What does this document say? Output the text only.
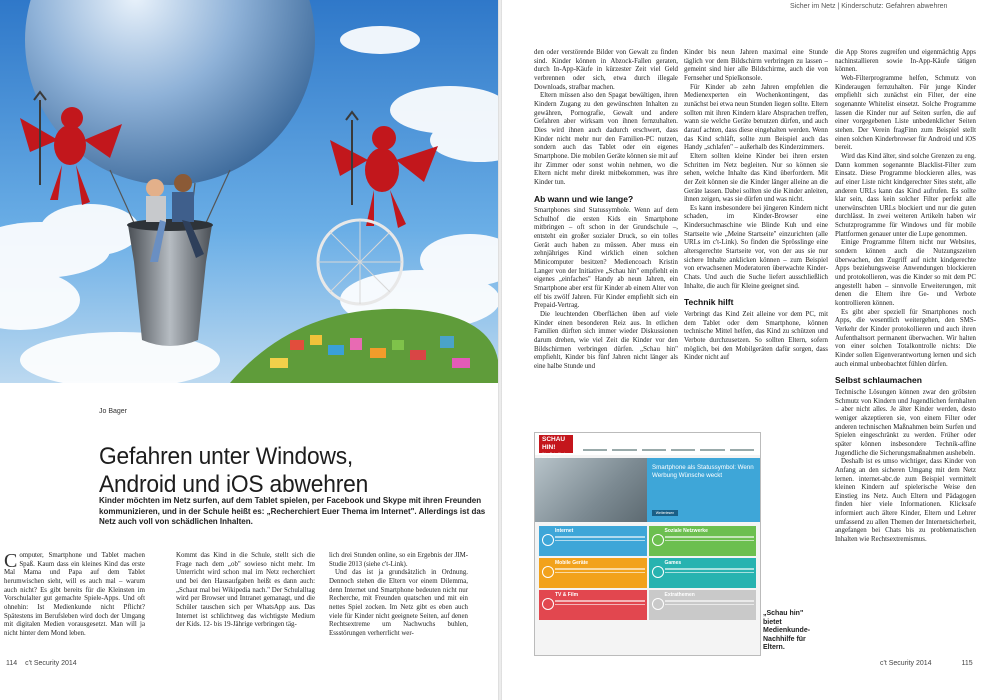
Jo Bager
Gefahren unter Windows,
Android und iOS abwehren
Kinder möchten im Netz surfen, auf dem Tablet spielen, per Facebook und Skype mit ihren Freunden kommunizieren, und in der Schule heißt es: „Recherchiert Euer Thema im Internet". Allerdings ist das Netz auch voll von schädlichen Inhalten.

Computer, Smartphone und Tablet machen Spaß. Kaum dass ein kleines Kind das erste Mal Mama und Papa auf dem Tablet herumwischen sieht, will es auch mal – warum auch nicht? Es gibt bereits für die Kleinsten im Vorschulalter gut gemachte Spiele-Apps. Und oft ohnehin: Ist Medienkunde nicht Pflicht? Spätestens im Berufsleben wird doch der Umgang mit digitalen Medien vorausgesetzt. Man will ja nicht hinter dem Mond leben.

Kommt das Kind in die Schule, stellt sich die Frage nach dem „ob" sowieso nicht mehr. Im Unterricht wird schon mal im Netz recherchiert und bei den Hausaufgaben heißt es dann auch: „Schaut mal bei Wikipedia nach." Der Schulalltag wird per Browser und Intranet gemanagt, und die Schüler tauschen sich per WhatsApp aus. Das Internet ist schlichtweg das wichtigste Medium der Kids. 12- bis 19-Jährige verbringen täg-

lich drei Stunden online, so ein Ergebnis der JIM-Studie 2013 (siehe c't-Link).

Und das ist ja grundsätzlich in Ordnung. Dennoch stehen die Eltern vor einem Dilemma, denn Internet und Smartphone bedeuten nicht nur Recherche, mit Freunden quatschen und mit ein nettes Spiel zocken. Im Netz gibt es eben auch viele für Kinder nicht geeignete Seiten, auf denen Rechtsextreme um Nachwuchs buhlen, Essstörungen verherrlicht wer-

114 c't Security 2014
Sicher im Netz | Kinderschutz: Gefahren abwehren

den oder verstörende Bilder von Gewalt zu finden sind. Kinder können in Abzock-Fallen geraten, durch In-App-Käufe in kürzester Zeit viel Geld verbrennen oder sich, etwa durch illegale Downloads, strafbar machen.

Eltern müssen also den Spagat bewältigen, ihren Kindern Zugang zu den gewünschten Inhalten zu gewähren, Pornografie, Gewalt und andere Gefahren aber wirksam von ihnen fernzuhalten. Dies wird ihnen auch dadurch erschwert, dass Kinder nicht mehr nur den Familien-PC nutzen, sondern auch das Tablet oder ein eigenes Smartphone. Die mobilen Geräte können sie mit auf ihr Zimmer oder sonst wohin nehmen, wo die Eltern nicht mehr direkt mitbekommen, was ihre Kinder tun.

Ab wann und wie lange?

Smartphones sind Statussymbole. Wenn auf dem Schulhof die ersten Kids ein Smartphone mitbringen – oft schon in der Grundschule –, entsteht ein großer sozialer Druck, so ein tolles Gerät auch haben zu müssen. Aber muss ein zehnjähriges Kind wirklich einen solchen Minicomputer besitzen? Mediencoach Kristin Langer von der Initiative „Schau hin" empfiehlt ein eigenes „einfaches" Handy ab neun Jahren, ein Smartphone aber erst für Kinder ab einem Alter von elf bis zwölf Jahren. Für Kinder empfiehlt sich ein Prepaid-Vertrag.

Die leuchtenden Oberflächen üben auf viele Kinder einen besonderen Reiz aus. In etlichen Familien dürften sich immer wieder Diskussionen darum drehen, wie viel Zeit die Kinder vor den Bildschirmen verbringen dürfen. „Schau hin" empfiehlt, Kinder bis fünf Jahren nicht länger als eine halbe Stunde und

Kinder bis neun Jahren maximal eine Stunde täglich vor dem Bildschirm verbringen zu lassen – gemeint sind hier alle Bildschirme, auch die von Fernseher und Spielkonsole.

Für Kinder ab zehn Jahren empfehlen die Medienexperten ein Wochenkontingent, das zunächst bei etwa neun Stunden liegen sollte. Eltern sollten mit ihren Kindern klare Absprachen treffen, wann sie welche Geräte benutzen dürfen, und auch darauf achten, dass diese eingehalten werden. Wenn das Kind schläft, sollte zum Beispiel auch das Handy „schlafen" – außerhalb des Kinderzimmers.

Eltern sollten kleine Kinder bei ihren ersten Schritten im Netz begleiten. Nur so können sie sehen, welche Inhalte das Kind überfordern. Mit der Zeit können sie die Kinder länger alleine an die Geräte lassen. Dabei sollten sie die Kinder anleiten, ihnen zeigen, was sie dürfen und was nicht.

Es kann insbesondere bei jüngeren Kindern nicht schaden, im Kinder-Browser eine Kindersuchmaschine wie Blinde Kuh und eine Startseite wie „Meine Startseite" einzurichten (alle URLs im c't-Link). So finden die Sprösslinge eine altersgerechte Startseite vor, von der aus sie nur sichere Inhalte anklicken können – zum Beispiel von erwachsenen Moderatoren überwachte Kinder-Chats. Und auch die Suche liefert ausschließlich Inhalte, die auch für Kleine geeignet sind.

Technik hilft

Verbringt das Kind Zeit alleine vor dem PC, mit dem Tablet oder dem Smartphone, können technische Mittel helfen, das Kind zu schützen und Verbote durchzusetzen. So sollten Eltern, sofern möglich, bei den Mobilgeräten dafür sorgen, dass Kinder nicht auf

die App Stores zugreifen und eigenmächtig Apps nachinstallieren sowie In-App-Käufe tätigen können.

Web-Filterprogramme helfen, Schmutz von Kinderaugen fernzuhalten. Für junge Kinder empfiehlt sich zunächst ein Filter, der eine sogenannte Whitelist einsetzt. Solche Programme lassen die Kinder nur auf Seiten surfen, die auf einer vorgegebenen Liste unbedenklicher Seiten stehen. Der Verein fragFinn zum Beispiel stellt einen solchen Kinderbrowser für Android und iOS bereit.

Wird das Kind älter, sind solche Grenzen zu eng. Dann kommen sogenannte Blacklist-Filter zum Einsatz. Diese Programme blockieren alles, was auf einer Liste nicht kindgerechter Sites steht, alle anderen URLs kann das Kind aufrufen. Es sollte klar sein, dass kein solcher Filter perfekt alle unerwünschten URLs blockiert und nur die guten durchlässt. In zwei weiteren Artikeln haben wir Schutzprogramme für Windows und für mobile Plattformen genauer unter die Lupe genommen.

Einige Programme filtern nicht nur Websites, sondern können auch die Nutzungszeiten überwachen, den Zugriff auf nicht kindgerechte Apps beziehungsweise Anwendungen blockieren und protokollieren, was die Kinder so mit dem PC angestellt haben – sinnvolle Erweiterungen, mit denen die Eltern ihre Ge- und Verbote kontrollieren können.

Es gibt aber speziell für Smartphones noch Apps, die wesentlich weitergehen, den SMS-Verkehr der Kinder protokollieren und auch ihren Aufenthaltsort permanent überwachen. Wir halten von einer solchen Totalkontrolle nichts: Die Kinder sollen Eigenverantwortung lernen und sich auch einmal unbeobachtet fühlen dürfen.

Selbst schlaumachen

Technische Lösungen können zwar den gröbsten Schmutz von Kindern und Jugendlichen fernhalten – aber nicht alles. Je älter Kinder werden, desto weniger akzeptieren sie, von einem Filter oder anderen technischen Maßnahmen beim Surfen und Spielen eingeschränkt zu werden. Früher oder später können insbesondere Technik-affine Jugendliche die Sicherungsmaßnahmen aushebeln.

Deshalb ist es umso wichtiger, dass Kinder von Anfang an den sicheren Umgang mit dem Netz lernen. internet-abc.de zum Beispiel vermittelt kleinen Kindern auf spielerische Weise den Einstieg ins Netz. Auch Eltern und Pädagogen finden hier viele Informationen. Klicksafe informiert auch ältere Kinder, Eltern und Lehrer umfassend zu allen Themen der Internetsicherheit, angefangen bei Chats bis zu problematischen Inhalten wie Rechtsextremismus.

SCHAU
HIN!
Was Dein Kind
Smartphone als Statussymbol: Wenn Werbung Wünsche weckt
Weiterlesen
Internet	Soziale Netzwerke
Mobile Geräte	Games
TV & Film	Extrathemen
„Schau hin" bietet Medienkunde-Nachhilfe für Eltern.
c't Security 2014	115
